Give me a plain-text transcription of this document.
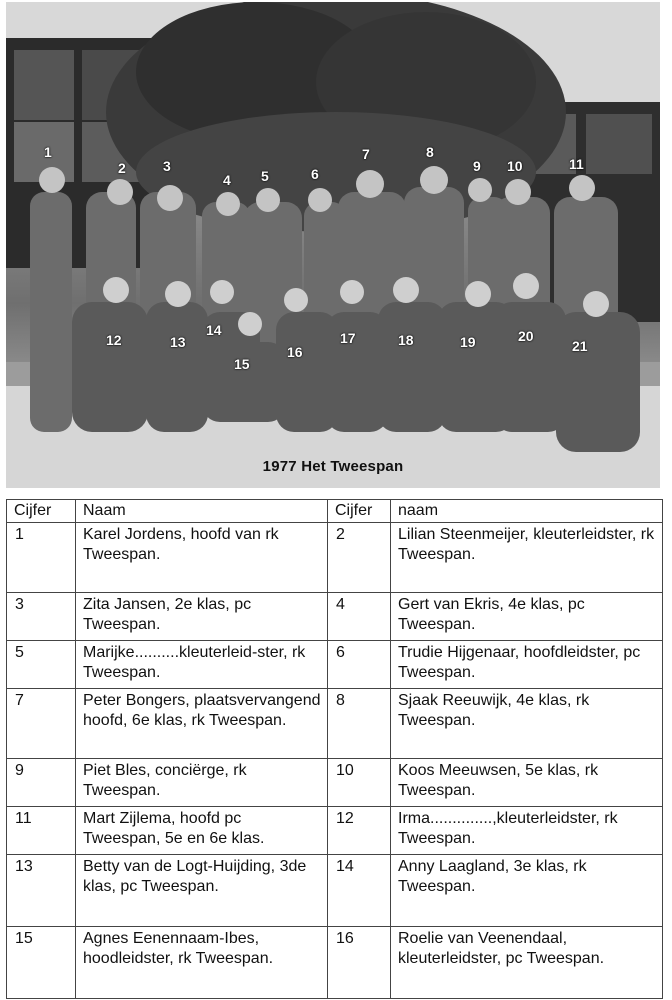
1
2	3
4 5	6
7	8
9 10	11
12	13
14
15
16
17	18	19	20
21
1977 Het Tweespan
Cijfer	Naam	Cijfer	naam
1	Karel Jordens, hoofd van rk Tweespan.	2	Lilian Steenmeijer, kleuterleidster, rk Tweespan.
3	Zita Jansen, 2e klas, pc Tweespan.	4	Gert van Ekris, 4e klas, pc Tweespan.
5	Marijke..........kleuterleid-ster, rk Tweespan.	6	Trudie Hijgenaar, hoofdleidster, pc Tweespan.
7	Peter Bongers, plaatsvervangend hoofd, 6e klas, rk Tweespan.	8	Sjaak Reeuwijk, 4e klas, rk Tweespan.
9	Piet Bles, conciërge, rk Tweespan.	10	Koos Meeuwsen, 5e klas, rk Tweespan.
11	Mart Zijlema, hoofd pc Tweespan, 5e en 6e klas.	12	Irma..............,kleuterleidster, rk Tweespan.
13	Betty van de Logt-Huijding, 3de klas, pc Tweespan.	14	Anny Laagland, 3e klas, rk Tweespan.
15	Agnes Eenennaam-Ibes, hoodleidster, rk Tweespan.	16	Roelie van Veenendaal, kleuterleidster, pc Tweespan.
